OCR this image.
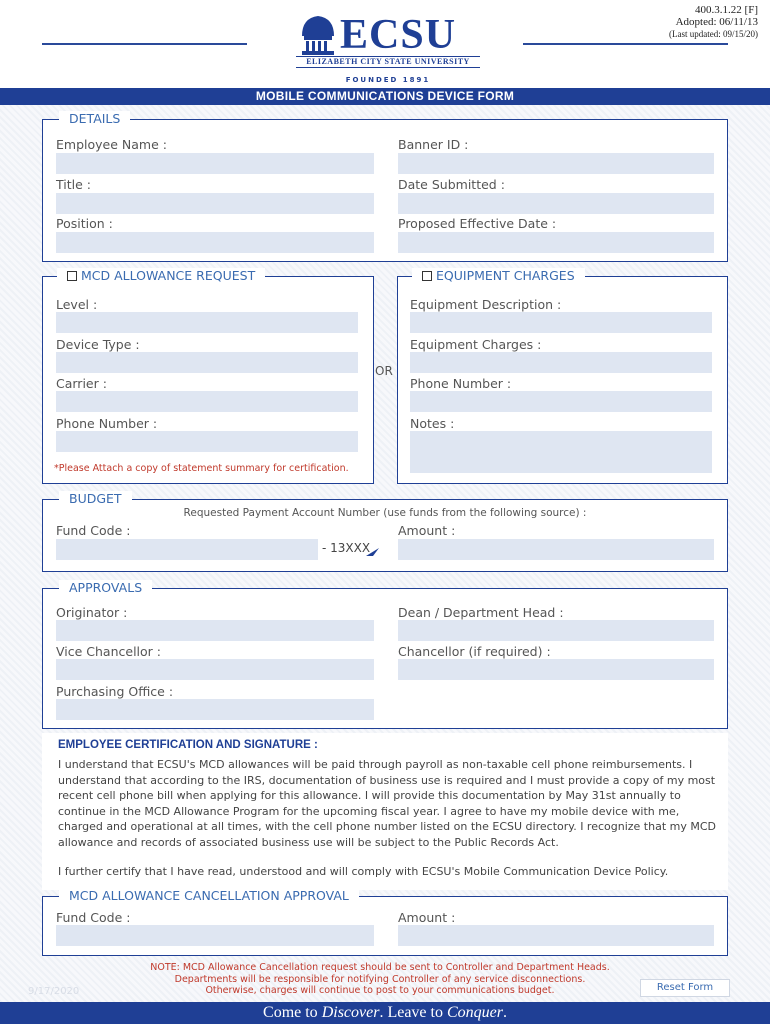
ECSU
ELIZABETH CITY STATE UNIVERSITY
FOUNDED 1891
400.3.1.22 [F]
Adopted: 06/11/13
(Last updated: 09/15/20)
MOBILE COMMUNICATIONS DEVICE FORM
DETAILS
Employee Name :	Banner ID :
Title :	Date Submitted :
Position :	Proposed Effective Date :
MCD ALLOWANCE REQUEST
Level :
Device Type :
Carrier :
Phone Number :
*Please Attach a copy of statement summary for certification.
OR
EQUIPMENT CHARGES
Equipment Description :
Equipment Charges :
Phone Number :
Notes :
BUDGET
Requested Payment Account Number (use funds from the following source) :
Fund Code :
- 13XXX
Amount :
APPROVALS
Originator :	Dean / Department Head :
Vice Chancellor :	Chancellor (if required) :
Purchasing Office :
EMPLOYEE CERTIFICATION AND SIGNATURE :
I understand that ECSU's MCD allowances will be paid through payroll as non-taxable cell phone reimbursements. I understand that according to the IRS, documentation of business use is required and I must provide a copy of my most recent cell phone bill when applying for this allowance. I will provide this documentation by May 31st annually to continue in the MCD Allowance Program for the upcoming fiscal year. I agree to have my mobile device with me, charged and operational at all times, with the cell phone number listed on the ECSU directory. I recognize that my MCD allowance and records of associated business use will be subject to the Public Records Act.
I further certify that I have read, understood and will comply with ECSU's Mobile Communication Device Policy.
MCD ALLOWANCE CANCELLATION APPROVAL
Fund Code :	Amount :
NOTE: MCD Allowance Cancellation request should be sent to Controller and Department Heads.
Departments will be responsible for notifying Controller of any service disconnections.
Otherwise, charges will continue to post to your communications budget.
9/17/2020	Reset Form
Come to Discover. Leave to Conquer.
